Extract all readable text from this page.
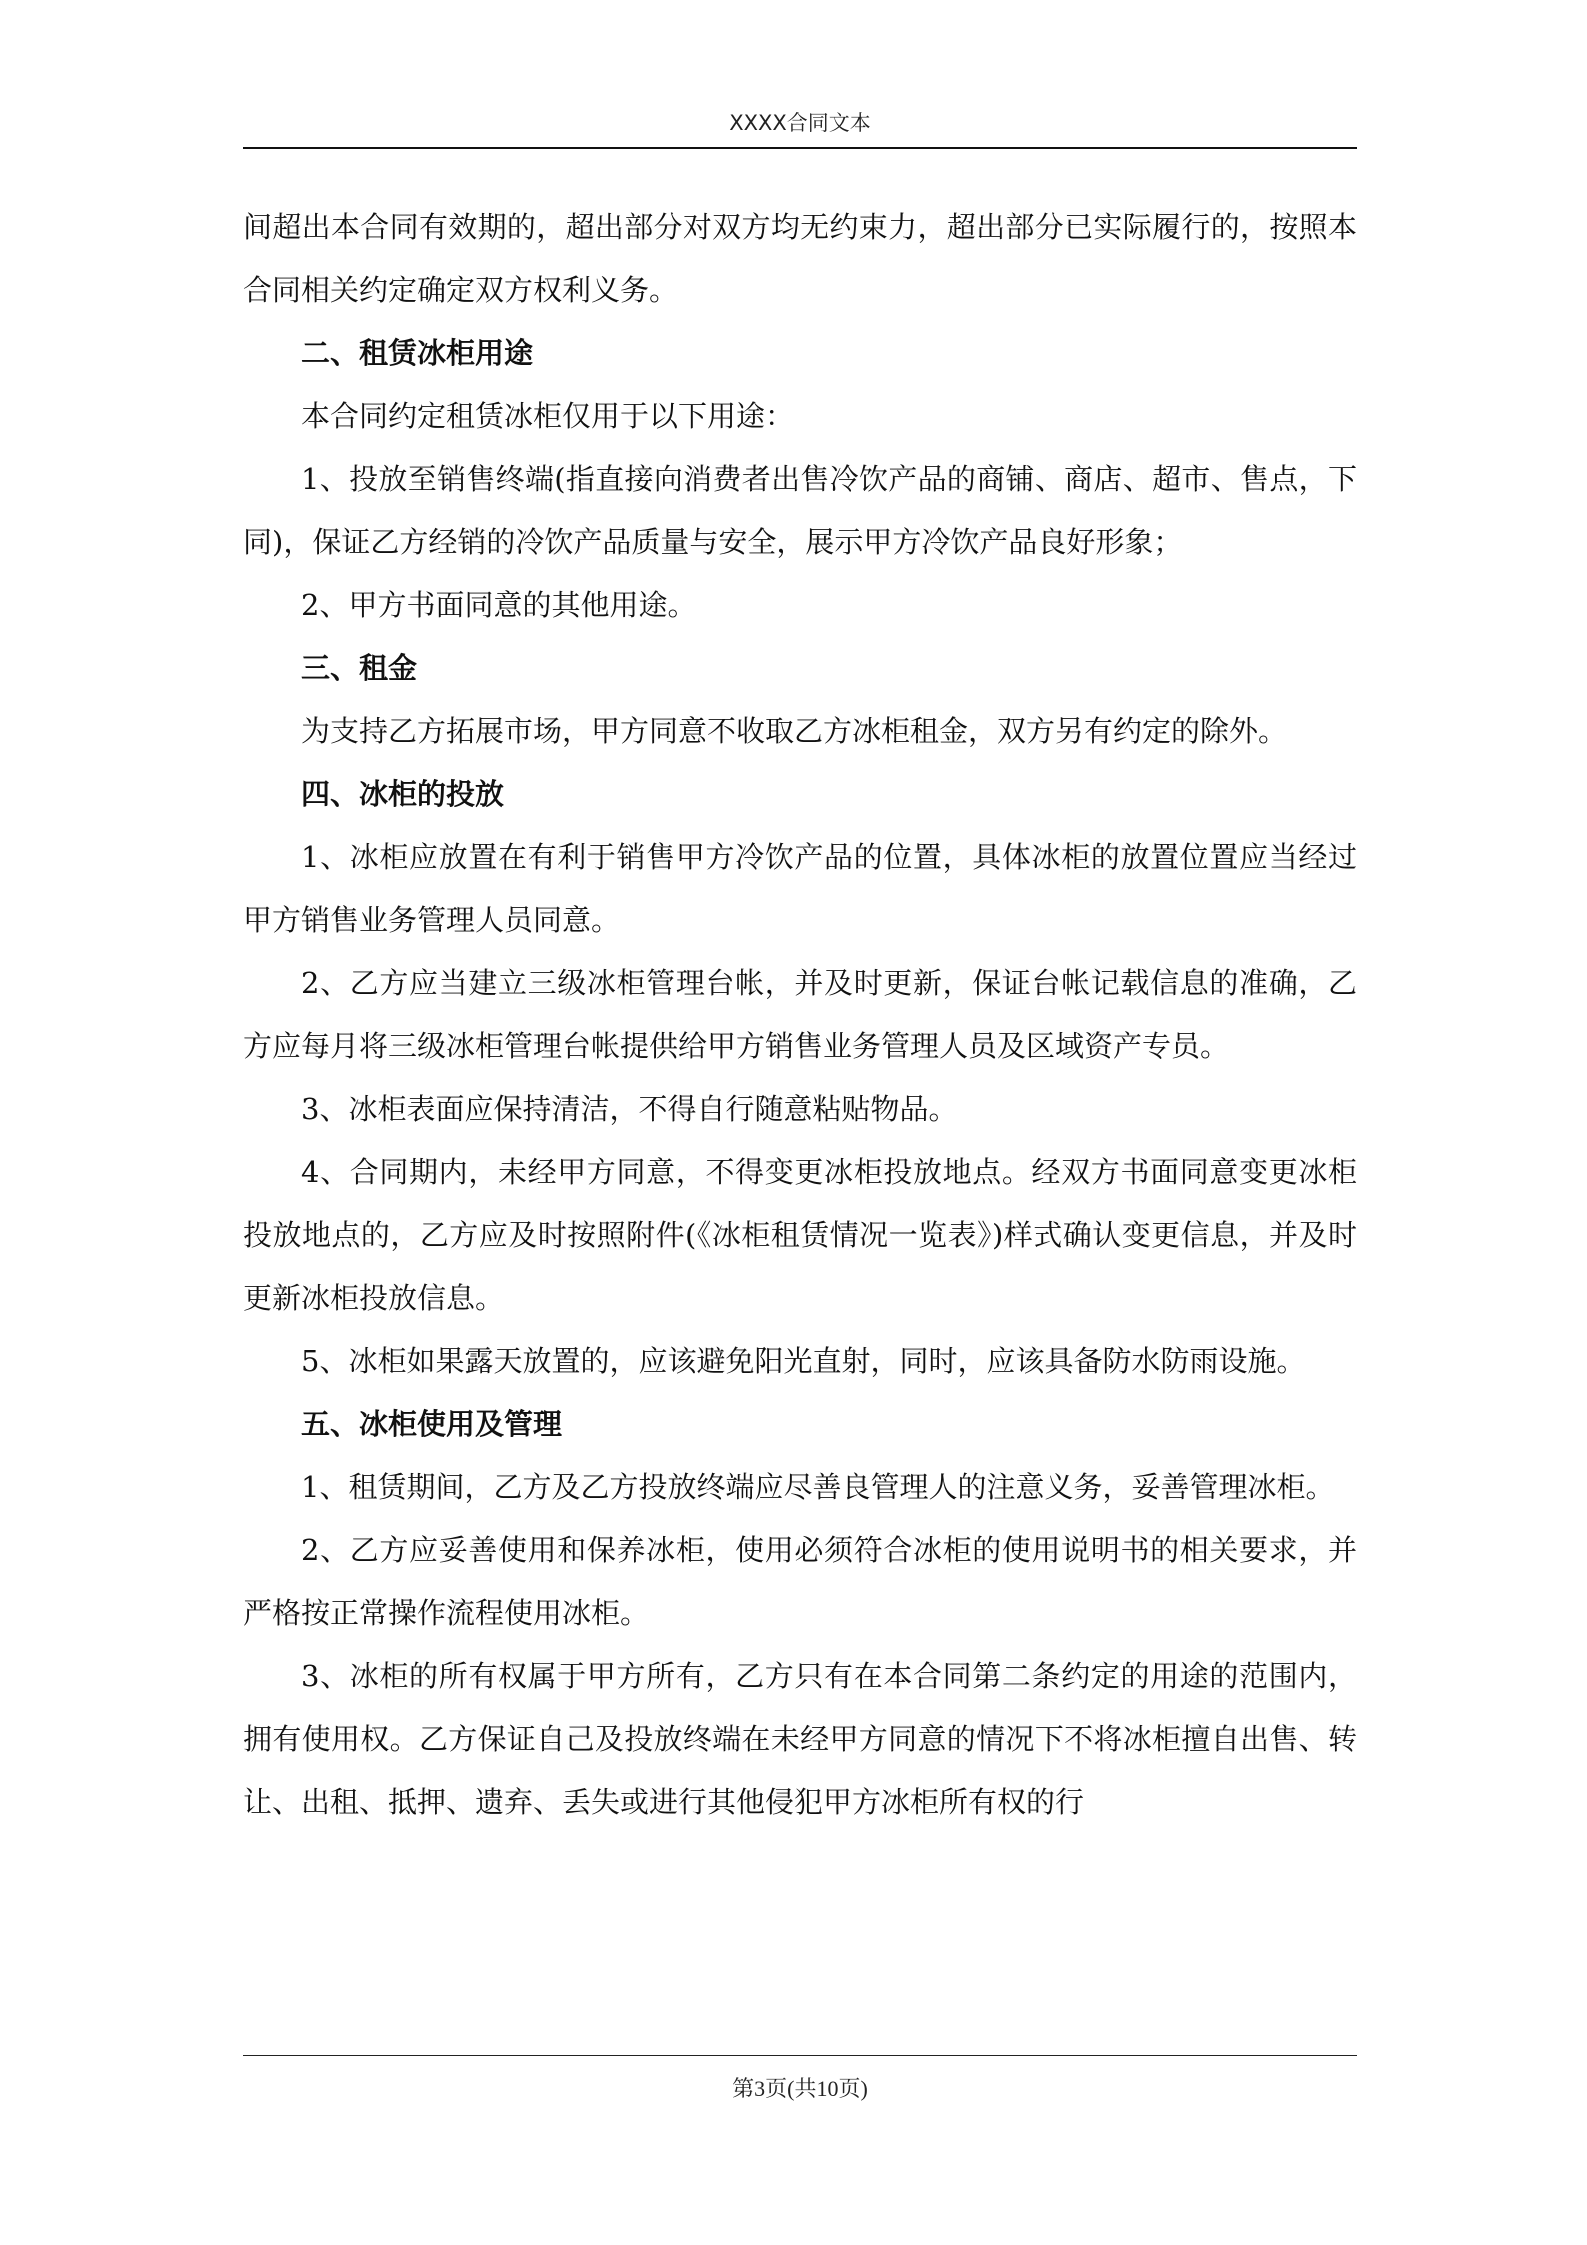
XXXX合同文本

间超出本合同有效期的，超出部分对双方均无约束力，超出部分已实际履行的，按照本合同相关约定确定双方权利义务。

二、租赁冰柜用途

本合同约定租赁冰柜仅用于以下用途：

1、投放至销售终端(指直接向消费者出售冷饮产品的商铺、商店、超市、售点，下同)，保证乙方经销的冷饮产品质量与安全，展示甲方冷饮产品良好形象；

2、甲方书面同意的其他用途。

三、租金

为支持乙方拓展市场，甲方同意不收取乙方冰柜租金，双方另有约定的除外。

四、冰柜的投放

1、冰柜应放置在有利于销售甲方冷饮产品的位置，具体冰柜的放置位置应当经过甲方销售业务管理人员同意。

2、乙方应当建立三级冰柜管理台帐，并及时更新，保证台帐记载信息的准确，乙方应每月将三级冰柜管理台帐提供给甲方销售业务管理人员及区域资产专员。

3、冰柜表面应保持清洁，不得自行随意粘贴物品。

4、合同期内，未经甲方同意，不得变更冰柜投放地点。经双方书面同意变更冰柜投放地点的，乙方应及时按照附件(《冰柜租赁情况一览表》)样式确认变更信息，并及时更新冰柜投放信息。

5、冰柜如果露天放置的，应该避免阳光直射，同时，应该具备防水防雨设施。

五、冰柜使用及管理

1、租赁期间，乙方及乙方投放终端应尽善良管理人的注意义务，妥善管理冰柜。

2、乙方应妥善使用和保养冰柜，使用必须符合冰柜的使用说明书的相关要求，并严格按正常操作流程使用冰柜。

3、冰柜的所有权属于甲方所有，乙方只有在本合同第二条约定的用途的范围内，拥有使用权。乙方保证自己及投放终端在未经甲方同意的情况下不将冰柜擅自出售、转让、出租、抵押、遗弃、丢失或进行其他侵犯甲方冰柜所有权的行

第3页(共10页)
